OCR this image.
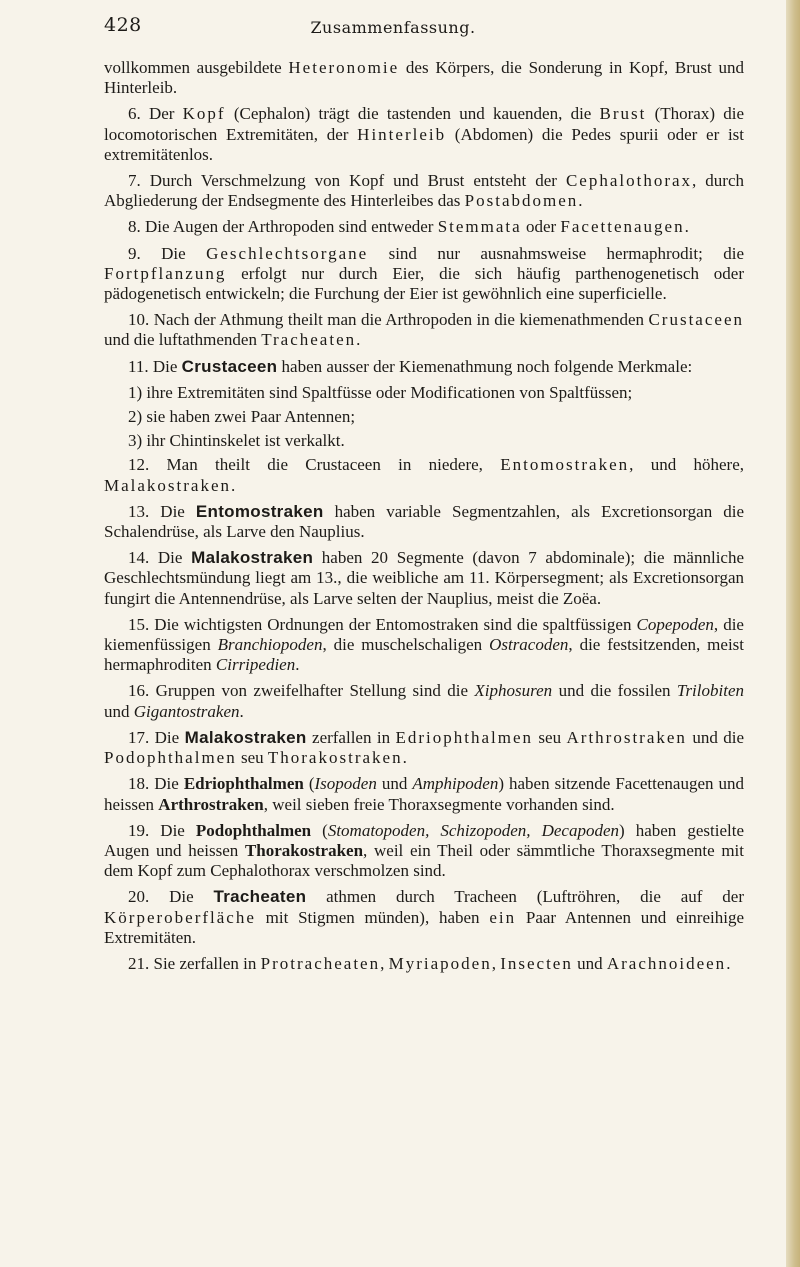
428	Zusammenfassung.

vollkommen ausgebildete Heteronomie des Körpers, die Sonderung in Kopf, Brust und Hinterleib.

6. Der Kopf (Cephalon) trägt die tastenden und kauenden, die Brust (Thorax) die locomotorischen Extremitäten, der Hinterleib (Abdomen) die Pedes spurii oder er ist extremitätenlos.

7. Durch Verschmelzung von Kopf und Brust entsteht der Cephalothorax, durch Abgliederung der Endsegmente des Hinterleibes das Postabdomen.

8. Die Augen der Arthropoden sind entweder Stemmata oder Facettenaugen.

9. Die Geschlechtsorgane sind nur ausnahmsweise hermaphrodit; die Fortpflanzung erfolgt nur durch Eier, die sich häufig parthenogenetisch oder pädogenetisch entwickeln; die Furchung der Eier ist gewöhnlich eine superficielle.

10. Nach der Athmung theilt man die Arthropoden in die kiemenathmenden Crustaceen und die luftathmenden Tracheaten.

11. Die Crustaceen haben ausser der Kiemenathmung noch folgende Merkmale:

1) ihre Extremitäten sind Spaltfüsse oder Modificationen von Spaltfüssen;

2) sie haben zwei Paar Antennen;

3) ihr Chintinskelet ist verkalkt.

12. Man theilt die Crustaceen in niedere, Entomostraken, und höhere, Malakostraken.

13. Die Entomostraken haben variable Segmentzahlen, als Excretionsorgan die Schalendrüse, als Larve den Nauplius.

14. Die Malakostraken haben 20 Segmente (davon 7 abdominale); die männliche Geschlechtsmündung liegt am 13., die weibliche am 11. Körpersegment; als Excretionsorgan fungirt die Antennendrüse, als Larve selten der Nauplius, meist die Zoëa.

15. Die wichtigsten Ordnungen der Entomostraken sind die spaltfüssigen Copepoden, die kiemenfüssigen Branchiopoden, die muschelschaligen Ostracoden, die festsitzenden, meist hermaphroditen Cirripedien.

16. Gruppen von zweifelhafter Stellung sind die Xiphosuren und die fossilen Trilobiten und Gigantostraken.

17. Die Malakostraken zerfallen in Edriophthalmen seu Arthrostraken und die Podophthalmen seu Thorakostraken.

18. Die Edriophthalmen (Isopoden und Amphipoden) haben sitzende Facettenaugen und heissen Arthrostraken, weil sieben freie Thoraxsegmente vorhanden sind.

19. Die Podophthalmen (Stomatopoden, Schizopoden, Decapoden) haben gestielte Augen und heissen Thorakostraken, weil ein Theil oder sämmtliche Thoraxsegmente mit dem Kopf zum Cephalothorax verschmolzen sind.

20. Die Tracheaten athmen durch Tracheen (Luftröhren, die auf der Körperoberfläche mit Stigmen münden), haben ein Paar Antennen und einreihige Extremitäten.

21. Sie zerfallen in Protracheaten, Myriapoden, Insecten und Arachnoideen.
